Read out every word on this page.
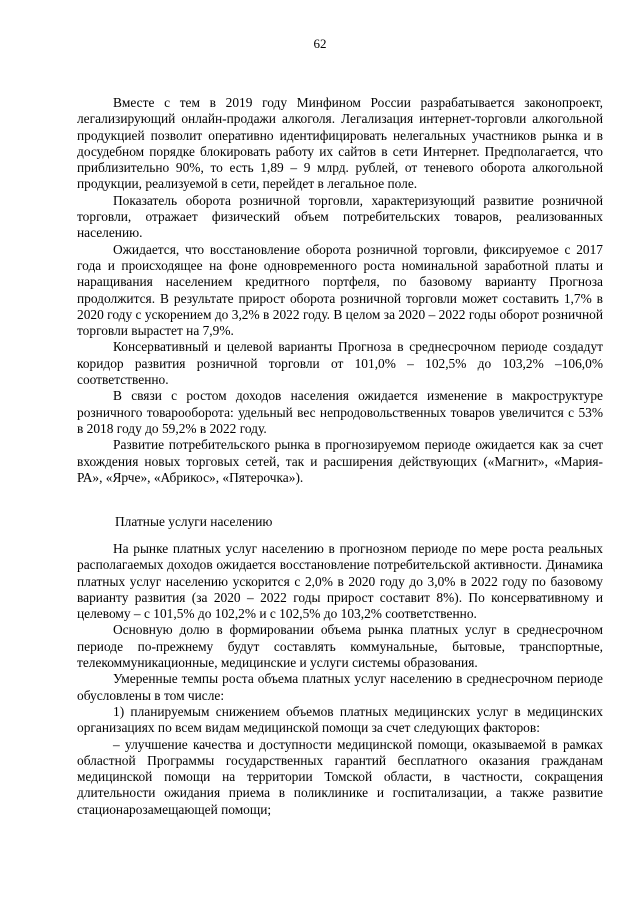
62

Вместе с тем в 2019 году Минфином России разрабатывается законопроект, легализирующий онлайн-продажи алкоголя. Легализация интернет-торговли алкогольной продукцией позволит оперативно идентифицировать нелегальных участников рынка и в досудебном порядке блокировать работу их сайтов в сети Интернет. Предполагается, что приблизительно 90%, то есть 1,89 – 9 млрд. рублей, от теневого оборота алкогольной продукции, реализуемой в сети, перейдет в легальное поле.

Показатель оборота розничной торговли, характеризующий развитие розничной торговли, отражает физический объем потребительских товаров, реализованных населению.

Ожидается, что восстановление оборота розничной торговли, фиксируемое с 2017 года и происходящее на фоне одновременного роста номинальной заработной платы и наращивания населением кредитного портфеля, по базовому варианту Прогноза продолжится. В результате прирост оборота розничной торговли может составить 1,7% в 2020 году с ускорением до 3,2% в 2022 году. В целом за 2020 – 2022 годы оборот розничной торговли вырастет на 7,9%.

Консервативный и целевой варианты Прогноза в среднесрочном периоде создадут коридор развития розничной торговли от 101,0% – 102,5% до 103,2% –106,0% соответственно.

В связи с ростом доходов населения ожидается изменение в макроструктуре розничного товарооборота: удельный вес непродовольственных товаров увеличится с 53% в 2018 году до 59,2% в 2022 году.

Развитие потребительского рынка в прогнозируемом периоде ожидается как за счет вхождения новых торговых сетей, так и расширения действующих («Магнит», «Мария-РА», «Ярче», «Абрикос», «Пятерочка»).

Платные услуги населению

На рынке платных услуг населению в прогнозном периоде по мере роста реальных располагаемых доходов ожидается восстановление потребительской активности. Динамика платных услуг населению ускорится с 2,0% в 2020 году до 3,0% в 2022 году по базовому варианту развития (за 2020 – 2022 годы прирост составит 8%). По консервативному и целевому – с 101,5% до 102,2% и с 102,5% до 103,2% соответственно.

Основную долю в формировании объема рынка платных услуг в среднесрочном периоде по-прежнему будут составлять коммунальные, бытовые, транспортные, телекоммуникационные, медицинские и услуги системы образования.

Умеренные темпы роста объема платных услуг населению в среднесрочном периоде обусловлены в том числе:

1) планируемым снижением объемов платных медицинских услуг в медицинских организациях по всем видам медицинской помощи за счет следующих факторов:

– улучшение качества и доступности медицинской помощи, оказываемой в рамках областной Программы государственных гарантий бесплатного оказания гражданам медицинской помощи на территории Томской области, в частности, сокращения длительности ожидания приема в поликлинике и госпитализации, а также развитие стационарозамещающей помощи;
